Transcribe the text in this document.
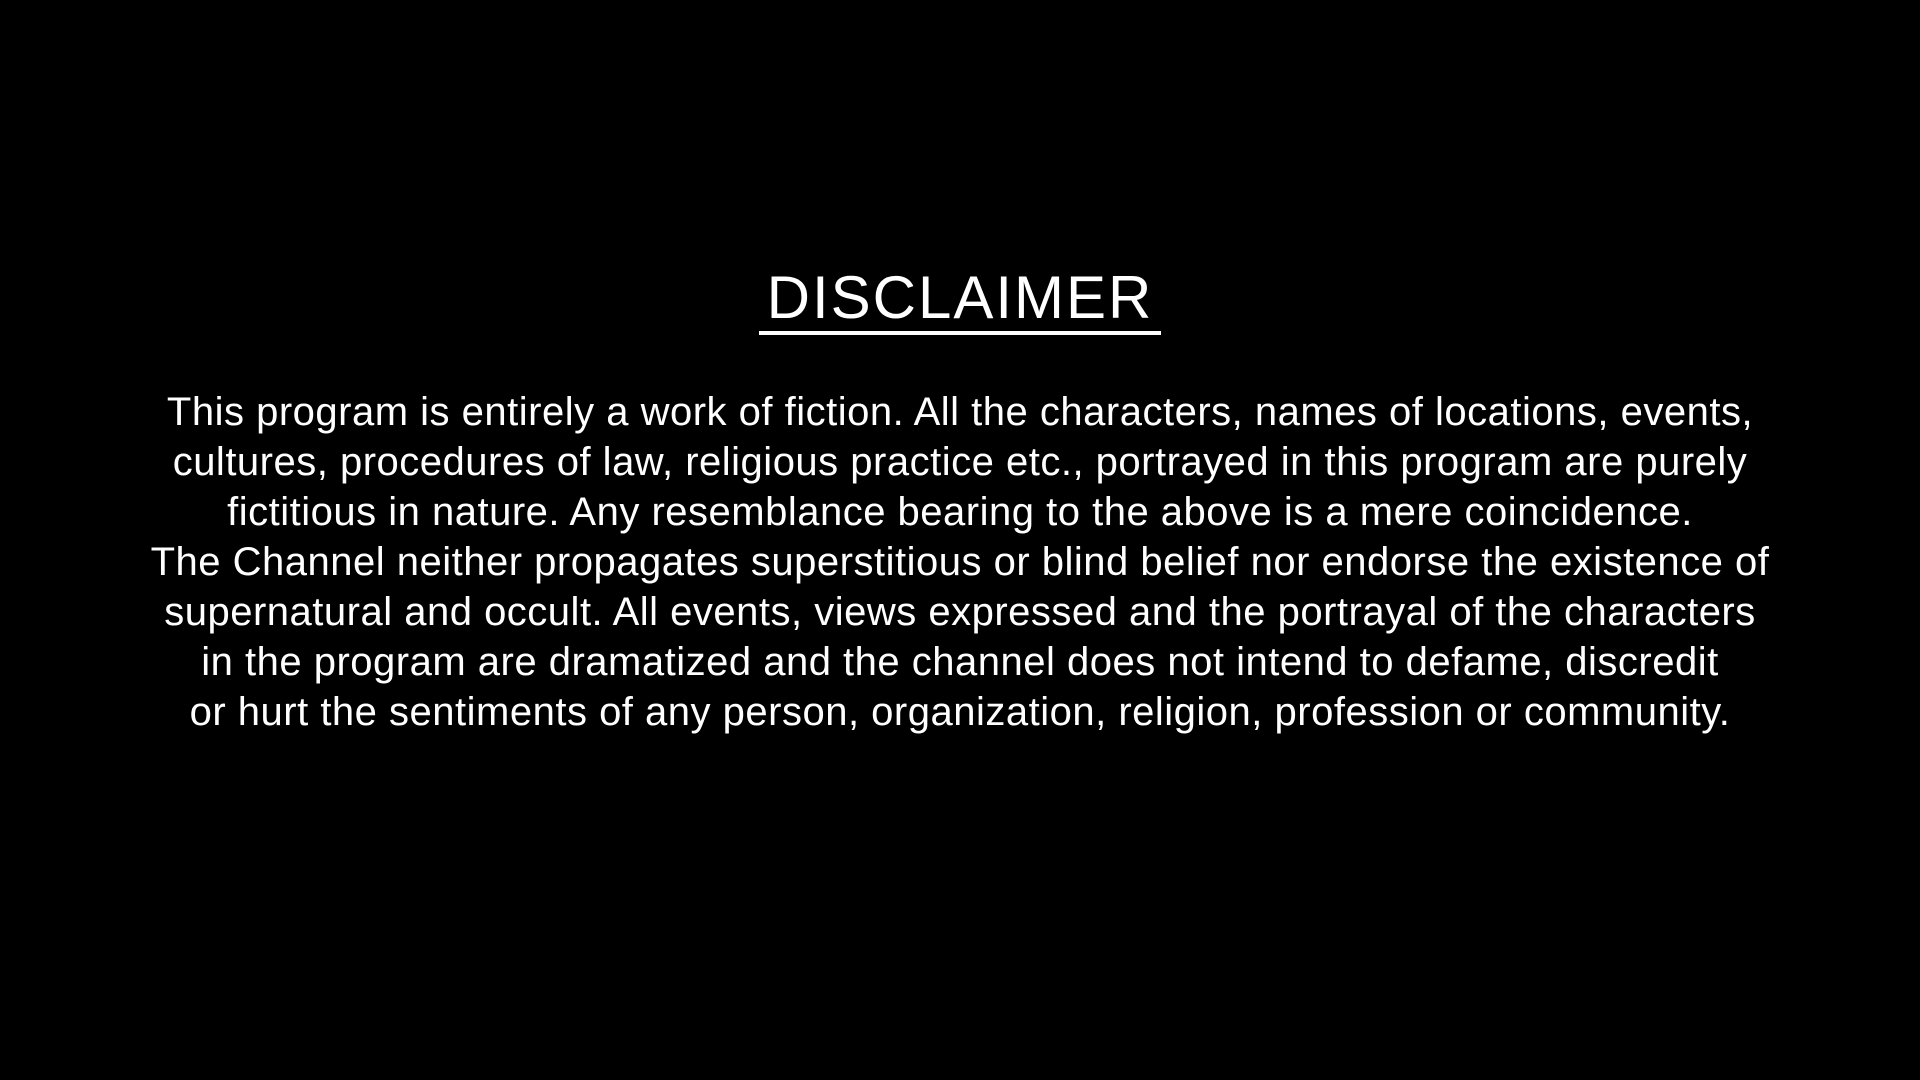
DISCLAIMER
This program is entirely a work of fiction. All the characters, names of locations, events,
cultures, procedures of law, religious practice etc., portrayed in this program are purely
fictitious in nature. Any resemblance bearing to the above is a mere coincidence.
The Channel neither propagates superstitious or blind belief nor endorse the existence of
supernatural and occult. All events, views expressed and the portrayal of the characters
in the program are dramatized and the channel does not intend to defame, discredit
or hurt the sentiments of any person, organization, religion, profession or community.
